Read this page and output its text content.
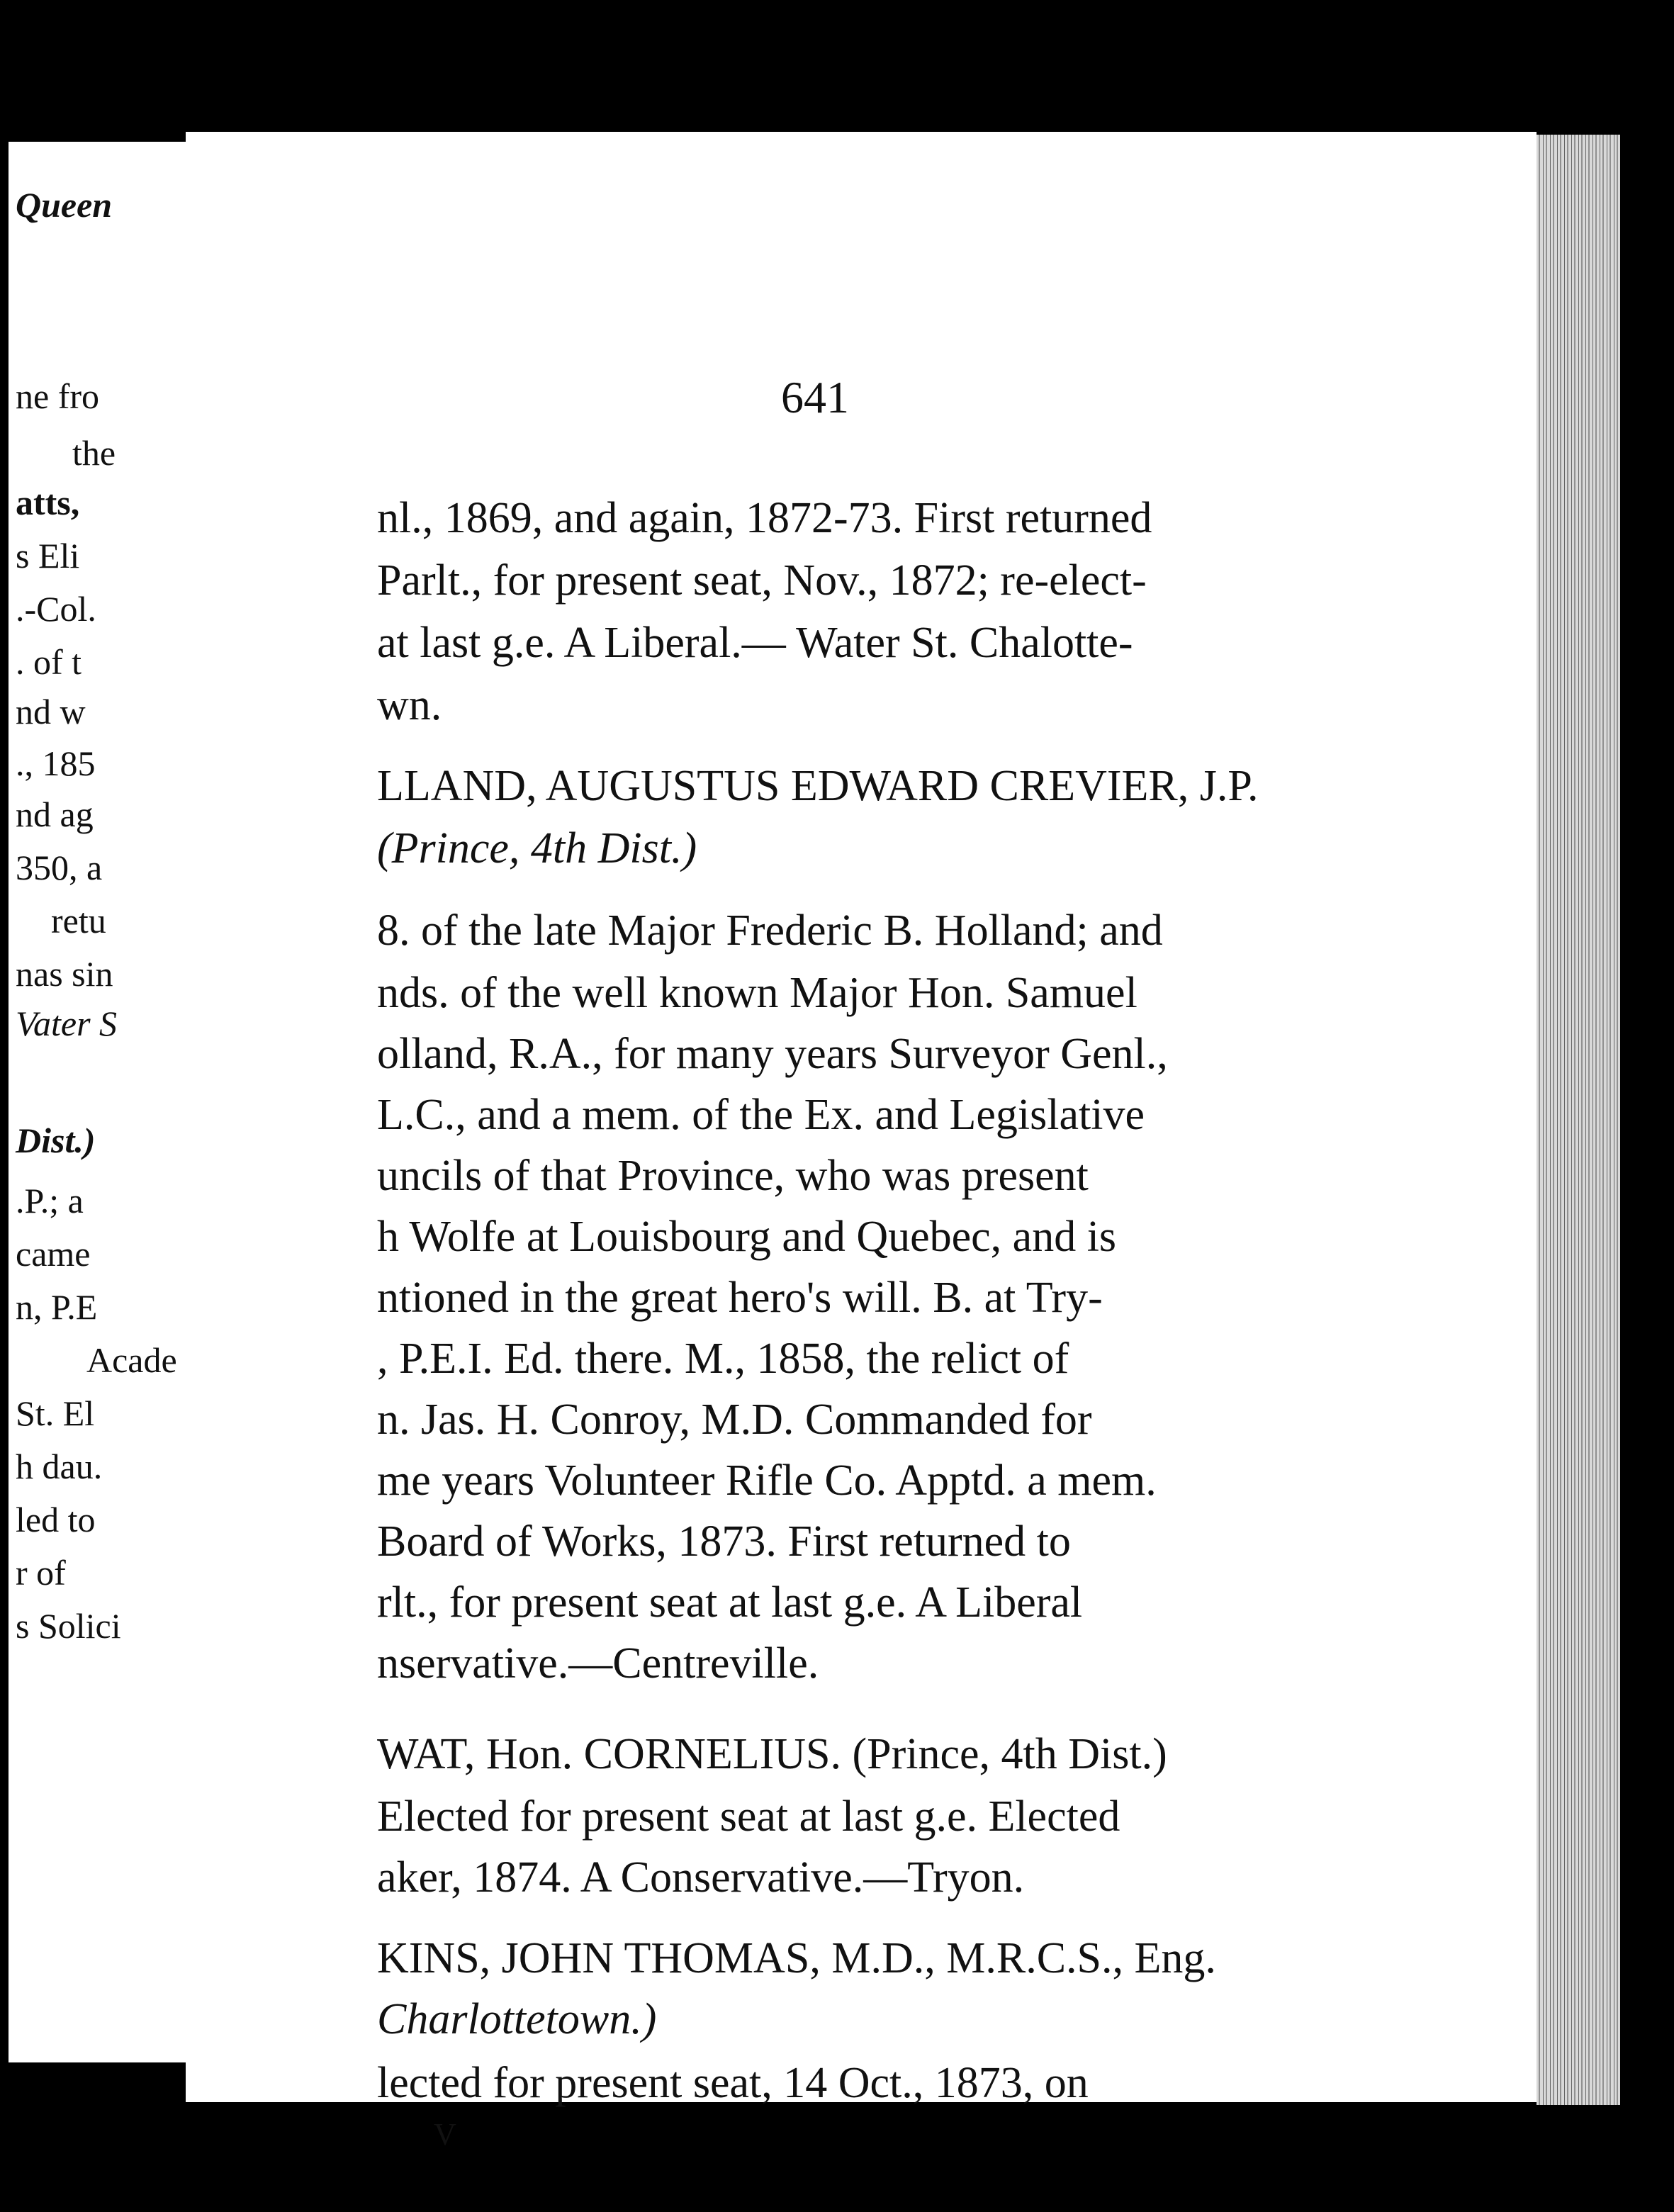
Queen
ne fro
the
atts,
s Eli
.-Col.
. of t
nd w
., 185
nd ag
350, a
retu
nas sin
Vater S
Dist.)
.P.; a
came
n, P.E
Acade
St. El
h dau.
led to
r of
s Solici
641
nl., 1869, and again, 1872-73. First returned
Parlt., for present seat, Nov., 1872; re-elect-
at last g.e. A Liberal.— Water St. Chalotte-
wn.
LLAND, AUGUSTUS EDWARD CREVIER, J.P.
(Prince, 4th Dist.)
8. of the late Major Frederic B. Holland; and
nds. of the well known Major Hon. Samuel
olland, R.A., for many years Surveyor Genl.,
L.C., and a mem. of the Ex. and Legislative
uncils of that Province, who was present
h Wolfe at Louisbourg and Quebec, and is
ntioned in the great hero's will. B. at Try-
, P.E.I. Ed. there. M., 1858, the relict of
n. Jas. H. Conroy, M.D. Commanded for
me years Volunteer Rifle Co. Apptd. a mem.
Board of Works, 1873. First returned to
rlt., for present seat at last g.e. A Liberal
nservative.—Centreville.
WAT, Hon. CORNELIUS. (Prince, 4th Dist.)
Elected for present seat at last g.e. Elected
aker, 1874. A Conservative.—Tryon.
KINS, JOHN THOMAS, M.D., M.R.C.S., Eng.
Charlottetown.)
lected for present seat, 14 Oct., 1873, on
V
